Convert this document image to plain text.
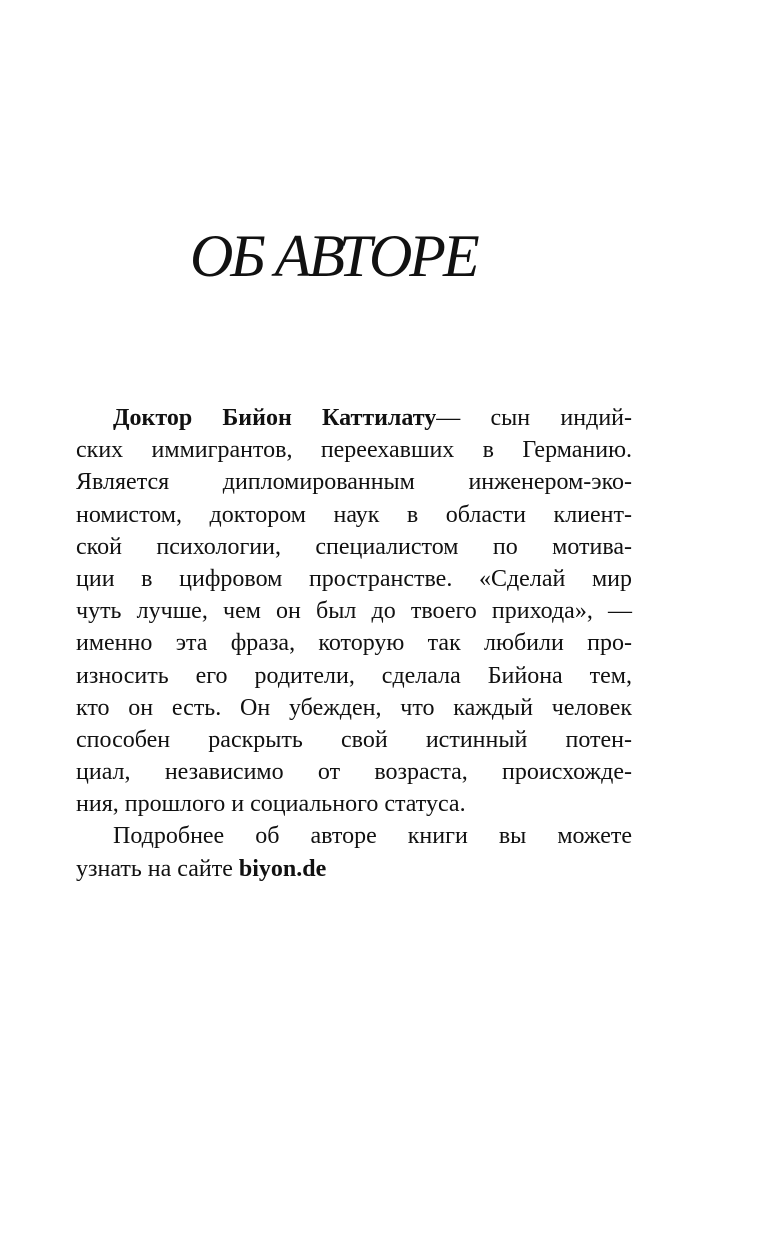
ОБ АВТОРЕ
Доктор Бийон Каттилату— сын индий-
ских иммигрантов, переехавших в Германию.
Является дипломированным инженером-эко-
номистом, доктором наук в области клиент-
ской психологии, специалистом по мотива-
ции в цифровом пространстве. «Сделай мир
чуть лучше, чем он был до твоего прихода», —
именно эта фраза, которую так любили про-
износить его родители, сделала Бийона тем,
кто он есть. Он убежден, что каждый человек
способен раскрыть свой истинный потен-
циал, независимо от возраста, происхожде-
ния, прошлого и социального статуса.
Подробнее об авторе книги вы можете
узнать на сайте biyon.de
